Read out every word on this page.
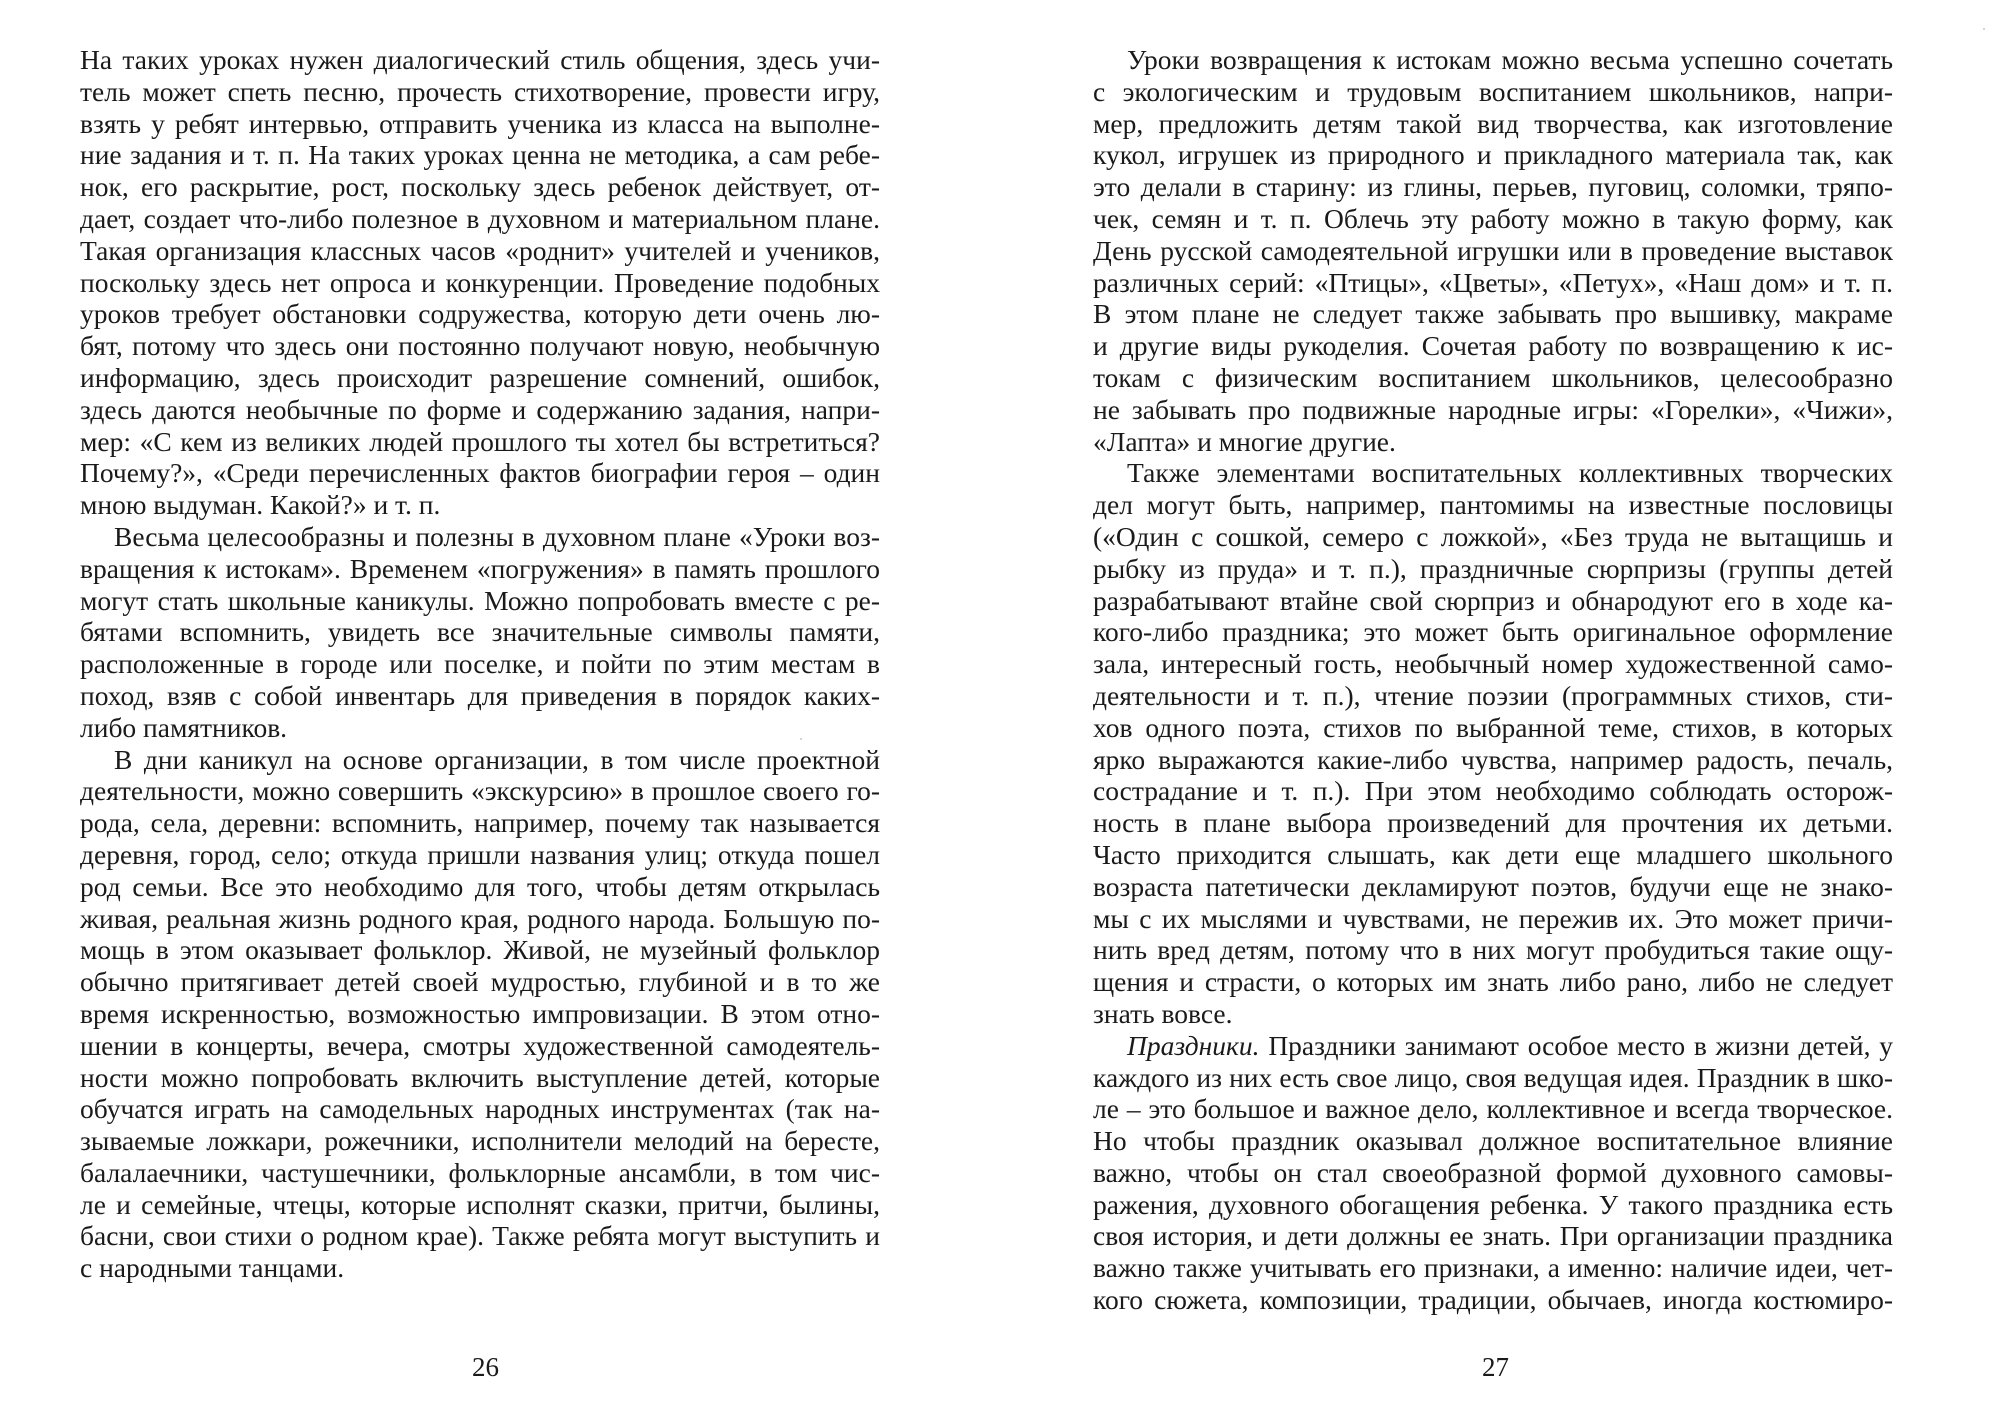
На таких уроках нужен диалогический стиль общения, здесь учи-
тель может спеть песню, прочесть стихотворение, провести игру,
взять у ребят интервью, отправить ученика из класса на выполне-
ние задания и т. п. На таких уроках ценна не методика, а сам ребе-
нок, его раскрытие, рост, поскольку здесь ребенок действует, от-
дает, создает что-либо полезное в духовном и материальном плане.
Такая организация классных часов «роднит» учителей и учеников,
поскольку здесь нет опроса и конкуренции. Проведение подобных
уроков требует обстановки содружества, которую дети очень лю-
бят, потому что здесь они постоянно получают новую, необычную
информацию, здесь происходит разрешение сомнений, ошибок,
здесь даются необычные по форме и содержанию задания, напри-
мер: «С кем из великих людей прошлого ты хотел бы встретиться?
Почему?», «Среди перечисленных фактов биографии героя – один
мною выдуман. Какой?» и т. п.
Весьма целесообразны и полезны в духовном плане «Уроки воз-
вращения к истокам». Временем «погружения» в память прошлого
могут стать школьные каникулы. Можно попробовать вместе с ре-
бятами вспомнить, увидеть все значительные символы памяти,
расположенные в городе или поселке, и пойти по этим местам в
поход, взяв с собой инвентарь для приведения в порядок каких-
либо памятников.
В дни каникул на основе организации, в том числе проектной
деятельности, можно совершить «экскурсию» в прошлое своего го-
рода, села, деревни: вспомнить, например, почему так называется
деревня, город, село; откуда пришли названия улиц; откуда пошел
род семьи. Все это необходимо для того, чтобы детям открылась
живая, реальная жизнь родного края, родного народа. Большую по-
мощь в этом оказывает фольклор. Живой, не музейный фольклор
обычно притягивает детей своей мудростью, глубиной и в то же
время искренностью, возможностью импровизации. В этом отно-
шении в концерты, вечера, смотры художественной самодеятель-
ности можно попробовать включить выступление детей, которые
обучатся играть на самодельных народных инструментах (так на-
зываемые ложкари, рожечники, исполнители мелодий на бересте,
балалаечники, частушечники, фольклорные ансамбли, в том чис-
ле и семейные, чтецы, которые исполнят сказки, притчи, былины,
басни, свои стихи о родном крае). Также ребята могут выступить и
с народными танцами.
26
Уроки возвращения к истокам можно весьма успешно сочетать
с экологическим и трудовым воспитанием школьников, напри-
мер, предложить детям такой вид творчества, как изготовление
кукол, игрушек из природного и прикладного материала так, как
это делали в старину: из глины, перьев, пуговиц, соломки, тряпо-
чек, семян и т. п. Облечь эту работу можно в такую форму, как
День русской самодеятельной игрушки или в проведение выставок
различных серий: «Птицы», «Цветы», «Петух», «Наш дом» и т. п.
В этом плане не следует также забывать про вышивку, макраме
и другие виды рукоделия. Сочетая работу по возвращению к ис-
токам с физическим воспитанием школьников, целесообразно
не забывать про подвижные народные игры: «Горелки», «Чижи»,
«Лапта» и многие другие.
Также элементами воспитательных коллективных творческих
дел могут быть, например, пантомимы на известные пословицы
(«Один с сошкой, семеро с ложкой», «Без труда не вытащишь и
рыбку из пруда» и т. п.), праздничные сюрпризы (группы детей
разрабатывают втайне свой сюрприз и обнародуют его в ходе ка-
кого-либо праздника; это может быть оригинальное оформление
зала, интересный гость, необычный номер художественной само-
деятельности и т. п.), чтение поэзии (программных стихов, сти-
хов одного поэта, стихов по выбранной теме, стихов, в которых
ярко выражаются какие-либо чувства, например радость, печаль,
сострадание и т. п.). При этом необходимо соблюдать осторож-
ность в плане выбора произведений для прочтения их детьми.
Часто приходится слышать, как дети еще младшего школьного
возраста патетически декламируют поэтов, будучи еще не знако-
мы с их мыслями и чувствами, не пережив их. Это может причи-
нить вред детям, потому что в них могут пробудиться такие ощу-
щения и страсти, о которых им знать либо рано, либо не следует
знать вовсе.
Праздники. Праздники занимают особое место в жизни детей, у
каждого из них есть свое лицо, своя ведущая идея. Праздник в шко-
ле – это большое и важное дело, коллективное и всегда творческое.
Но чтобы праздник оказывал должное воспитательное влияние
важно, чтобы он стал своеобразной формой духовного самовы-
ражения, духовного обогащения ребенка. У такого праздника есть
своя история, и дети должны ее знать. При организации праздника
важно также учитывать его признаки, а именно: наличие идеи, чет-
кого сюжета, композиции, традиции, обычаев, иногда костюмиро-
27
